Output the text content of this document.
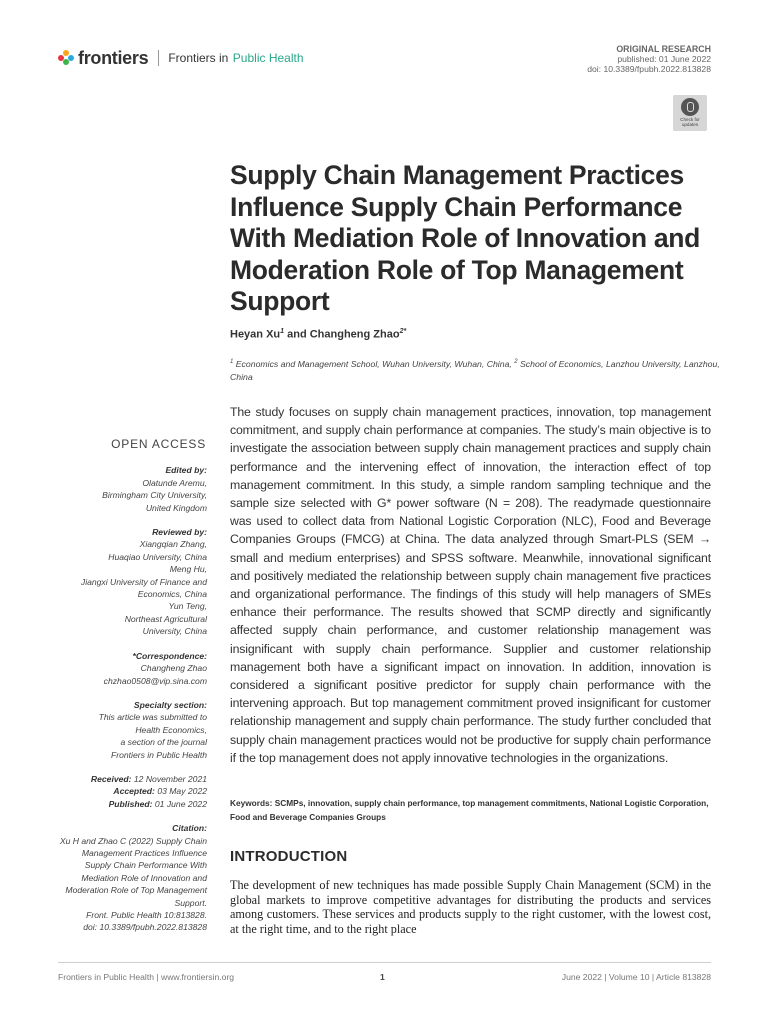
frontiers Frontiers in
Public Health
ORIGINAL RESEARCH
published: 01 June 2022
doi: 10.3389/fpubh.2022.813828
Check for
updates
Supply Chain Management Practices Influence Supply Chain Performance With Mediation Role of Innovation and Moderation Role of Top Management Support
Heyan Xu$^1$ and Changheng Zhao$^{2*}$
$^1$ Economics and Management School, Wuhan University, Wuhan, China, $^2$ School of Economics, Lanzhou University, Lanzhou, China
OPEN ACCESS
Edited by:
Olatunde Aremu,
Birmingham City University,
United Kingdom
Reviewed by:
Xiangqian Zhang,
Huaqiao University, China
Meng Hu,
Jiangxi University of Finance and
Economics, China
Yun Teng,
Northeast Agricultural
University, China
*Correspondence:
Changheng Zhao
chzhao0508@vip.sina.com
Specialty section:
This article was submitted to
Health Economics,
a section of the journal
Frontiers in Public Health
Received: 12 November 2021
Accepted: 03 May 2022
Published: 01 June 2022
Citation:
Xu H and Zhao C (2022) Supply Chain
Management Practices Influence
Supply Chain Performance With
Mediation Role of Innovation and
Moderation Role of Top Management
Support.
Front. Public Health 10:813828.
doi: 10.3389/fpubh.2022.813828

The study focuses on supply chain management practices, innovation, top management commitment, and supply chain performance at companies. The study’s main objective is to investigate the association between supply chain management practices and supply chain performance and the intervening effect of innovation, the interaction effect of top management commitment. In this study, a simple random sampling technique and the sample size selected with G* power software (N = 208). The readymade questionnaire was used to collect data from National Logistic Corporation (NLC), Food and Beverage Companies Groups (FMCG) at China. The data analyzed through Smart-PLS (SEM → small and medium enterprises) and SPSS software. Meanwhile, innovational significant and positively mediated the relationship between supply chain management five practices and organizational performance. The findings of this study will help managers of SMEs enhance their performance. The results showed that SCMP directly and significantly affected supply chain performance, and customer relationship management was insignificant with supply chain performance. Supplier and customer relationship management both have a significant impact on innovation. In addition, innovation is considered a significant positive predictor for supply chain performance with the intervening approach. But top management commitment proved insignificant for customer relationship management and supply chain performance. The study further concluded that supply chain management practices would not be productive for supply chain performance if the top management does not apply innovative technologies in the organizations.

Keywords: SCMPs, innovation, supply chain performance, top management commitments, National Logistic Corporation, Food and Beverage Companies Groups
INTRODUCTION

The development of new techniques has made possible Supply Chain Management (SCM) in the global markets to improve competitive advantages for distributing the products and services among customers. These services and products supply to the right customer, with the lowest cost, at the right time, and to the right place

Frontiers in Public Health | www.frontiersin.org	1	June 2022 | Volume 10 | Article 813828
